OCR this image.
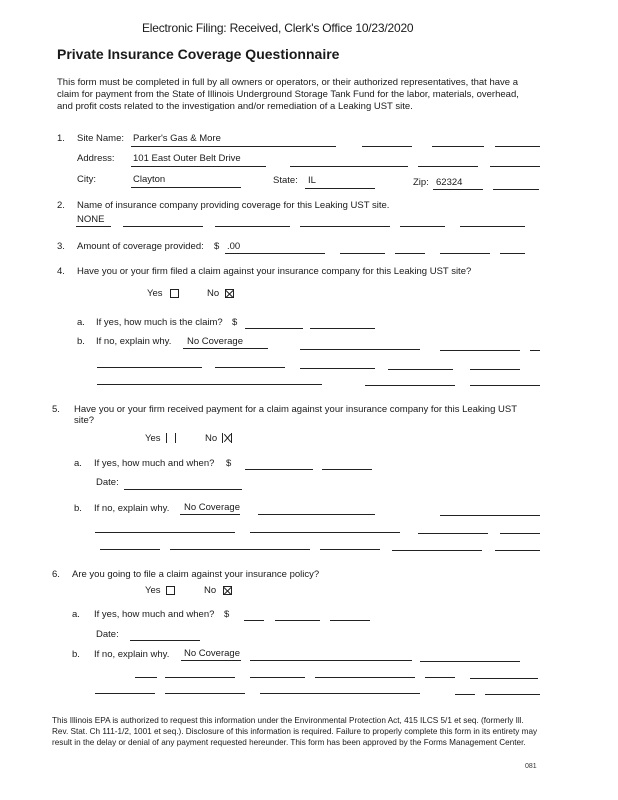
Electronic Filing: Received, Clerk's Office 10/23/2020
Private Insurance Coverage Questionnaire
This form must be completed in full by all owners or operators, or their authorized representatives, that have a claim for payment from the State of Illinois Underground Storage Tank Fund for the labor, materials, overhead, and profit costs related to the investigation and/or remediation of a Leaking UST site.
1. Site Name: Parker's Gas & More
Address: 101 East Outer Belt Drive
City:	Clayton	State: IL	Zip: 62324
2. Name of insurance company providing coverage for this Leaking UST site.
NONE
3. Amount of coverage provided: $ .00
4. Have you or your firm filed a claim against your insurance company for this Leaking UST site?
Yes	No
a. If yes, how much is the claim? $
b. If no, explain why. No Coverage
5. Have you or your firm received payment for a claim against your insurance company for this Leaking UST
site?
Yes	No
a. If yes, how much and when? $
Date:
b. If no, explain why. No Coverage
6. Are you going to file a claim against your insurance policy?
Yes	No
a. If yes, how much and when? $
Date:
b. If no, explain why. No Coverage
This Illinois EPA is authorized to request this information under the Environmental Protection Act, 415 ILCS 5/1 et seq. (formerly Ill. Rev. Stat. Ch 111-1/2, 1001 et seq.). Disclosure of this information is required. Failure to properly complete this form in its entirety may result in the delay or denial of any payment requested hereunder. This form has been approved by the Forms Management Center.
081
